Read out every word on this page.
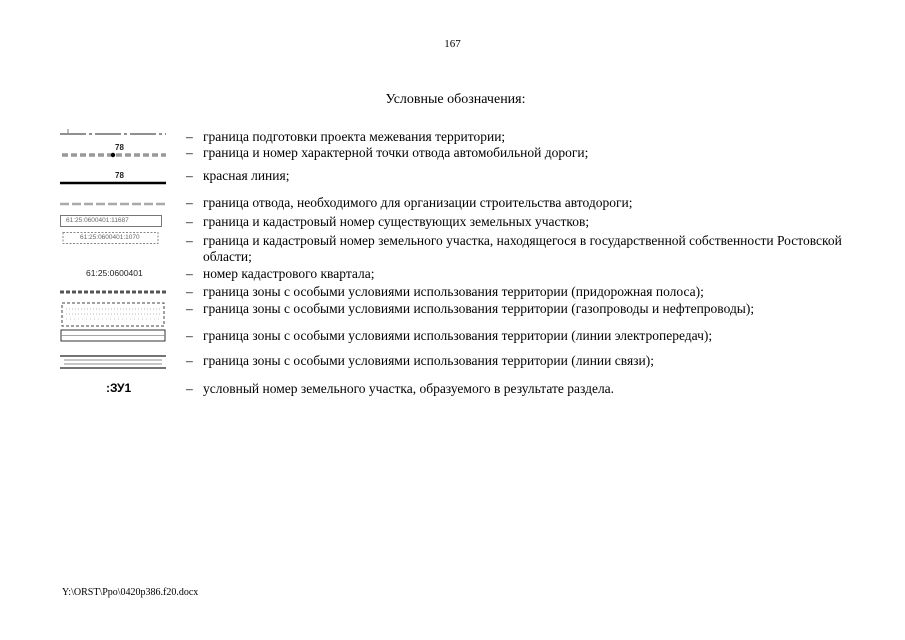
167
Условные обозначения:
– граница подготовки проекта межевания территории;
78	– граница и номер характерной точки отвода автомобильной дороги;
78	– красная линия;
– граница отвода, необходимого для организации строительства автодороги;
61:25:0600401:11687	– граница и кадастровый номер существующих земельных участков;
61:25:0600401:1070	– граница и кадастровый номер земельного участка, находящегося в государственной собственности Ростовской области;
61:25:0600401	– номер кадастрового квартала;
– граница зоны с особыми условиями использования территории (придорожная полоса);
– граница зоны с особыми условиями использования территории (газопроводы и нефтепроводы);
– граница зоны с особыми условиями использования территории (линии электропередач);
– граница зоны с особыми условиями использования территории (линии связи);
:ЗУ1	– условный номер земельного участка, образуемого в результате раздела.
Y:\ORST\Ppo\0420p386.f20.docx
